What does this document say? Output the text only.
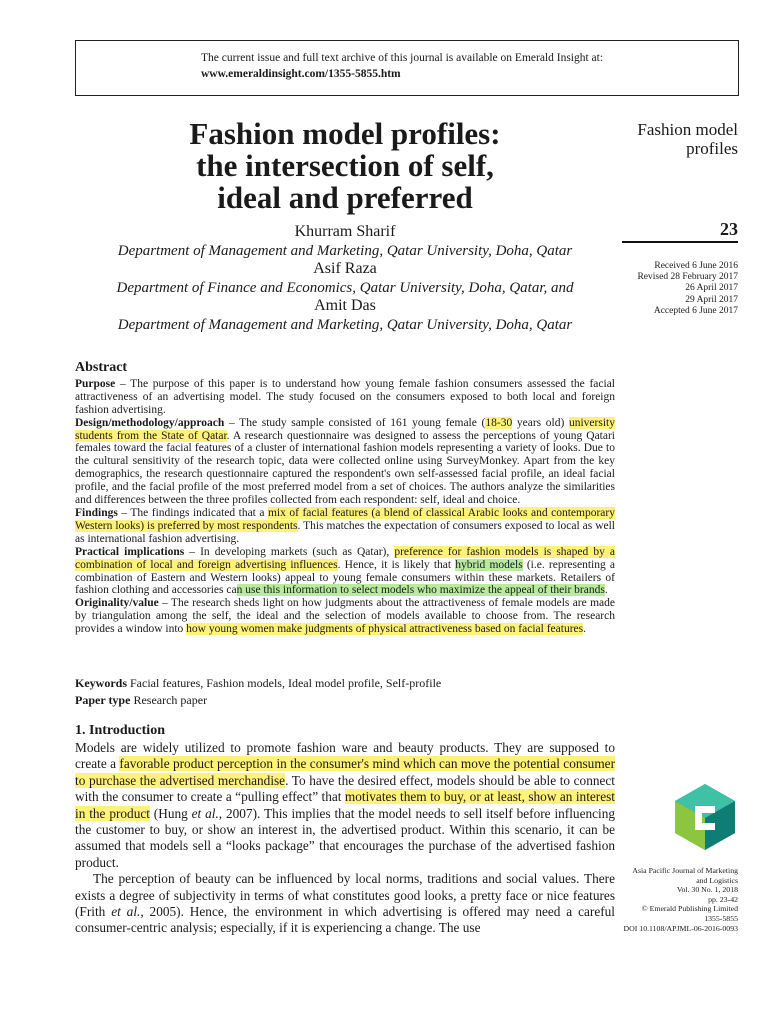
The current issue and full text archive of this journal is available on Emerald Insight at:
www.emeraldinsight.com/1355-5855.htm
Fashion model profiles:
the intersection of self,
ideal and preferred
Khurram Sharif
Department of Management and Marketing, Qatar University, Doha, Qatar
Asif Raza
Department of Finance and Economics, Qatar University, Doha, Qatar, and
Amit Das
Department of Management and Marketing, Qatar University, Doha, Qatar
Fashion model
profiles
23
Received 6 June 2016
Revised 28 February 2017
26 April 2017
29 April 2017
Accepted 6 June 2017
Abstract

Purpose – The purpose of this paper is to understand how young female fashion consumers assessed the facial attractiveness of an advertising model. The study focused on the consumers exposed to both local and foreign fashion advertising.

Design/methodology/approach – The study sample consisted of 161 young female (18-30 years old) university students from the State of Qatar. A research questionnaire was designed to assess the perceptions of young Qatari females toward the facial features of a cluster of international fashion models representing a variety of looks. Due to the cultural sensitivity of the research topic, data were collected online using SurveyMonkey. Apart from the key demographics, the research questionnaire captured the respondent's own self-assessed facial profile, an ideal facial profile, and the facial profile of the most preferred model from a set of choices. The authors analyze the similarities and differences between the three profiles collected from each respondent: self, ideal and choice.

Findings – The findings indicated that a mix of facial features (a blend of classical Arabic looks and contemporary Western looks) is preferred by most respondents. This matches the expectation of consumers exposed to local as well as international fashion advertising.

Practical implications – In developing markets (such as Qatar), preference for fashion models is shaped by a combination of local and foreign advertising influences. Hence, it is likely that hybrid models (i.e. representing a combination of Eastern and Western looks) appeal to young female consumers within these markets. Retailers of fashion clothing and accessories can use this information to select models who maximize the appeal of their brands.

Originality/value – The research sheds light on how judgments about the attractiveness of female models are made by triangulation among the self, the ideal and the selection of models available to choose from. The research provides a window into how young women make judgments of physical attractiveness based on facial features.

Keywords Facial features, Fashion models, Ideal model profile, Self-profile
Paper type Research paper
1. Introduction

Models are widely utilized to promote fashion ware and beauty products. They are supposed to create a favorable product perception in the consumer's mind which can move the potential consumer to purchase the advertised merchandise. To have the desired effect, models should be able to connect with the consumer to create a “pulling effect” that motivates them to buy, or at least, show an interest in the product (Hung et al., 2007). This implies that the model needs to sell itself before influencing the customer to buy, or show an interest in, the advertised product. Within this scenario, it can be assumed that models sell a “looks package” that encourages the purchase of the advertised fashion product.

The perception of beauty can be influenced by local norms, traditions and social values. There exists a degree of subjectivity in terms of what constitutes good looks, a pretty face or nice features (Frith et al., 2005). Hence, the environment in which advertising is offered may need a careful consumer-centric analysis; especially, if it is experiencing a change. The use

Asia Pacific Journal of Marketing
and Logistics
Vol. 30 No. 1, 2018
pp. 23-42
© Emerald Publishing Limited
1355-5855
DOI 10.1108/APJML-06-2016-0093
